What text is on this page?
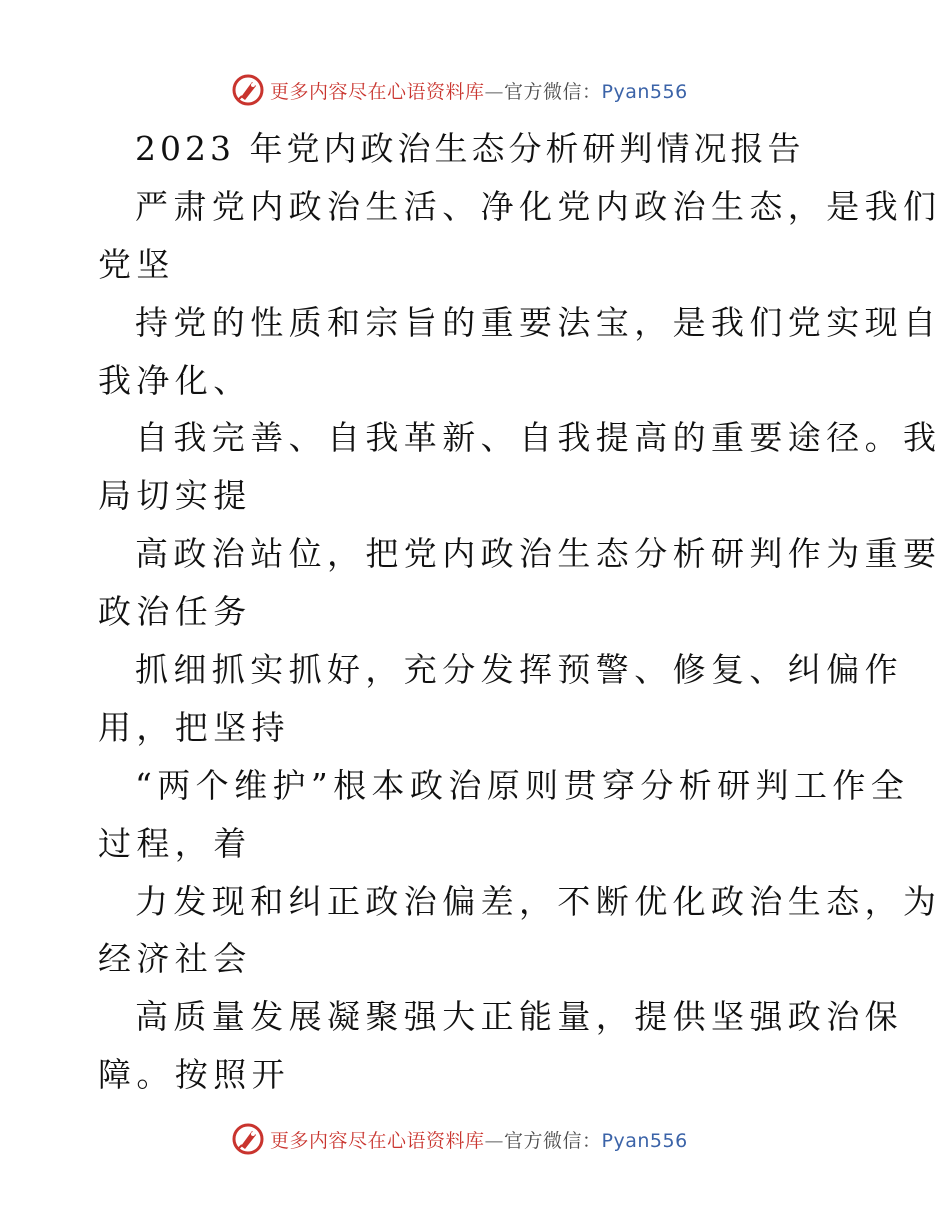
更多内容尽在心语资料库—官方微信：Pyan556
2023 年党内政治生态分析研判情况报告
严肃党内政治生活、净化党内政治生态，是我们
党坚
持党的性质和宗旨的重要法宝，是我们党实现自
我净化、
自我完善、自我革新、自我提高的重要途径。我
局切实提
高政治站位，把党内政治生态分析研判作为重要
政治任务
抓细抓实抓好，充分发挥预警、修复、纠偏作
用，把坚持
“两个维护”根本政治原则贯穿分析研判工作全
过程，着
力发现和纠正政治偏差，不断优化政治生态，为
经济社会
高质量发展凝聚强大正能量，提供坚强政治保
障。按照开
更多内容尽在心语资料库—官方微信：Pyan556
